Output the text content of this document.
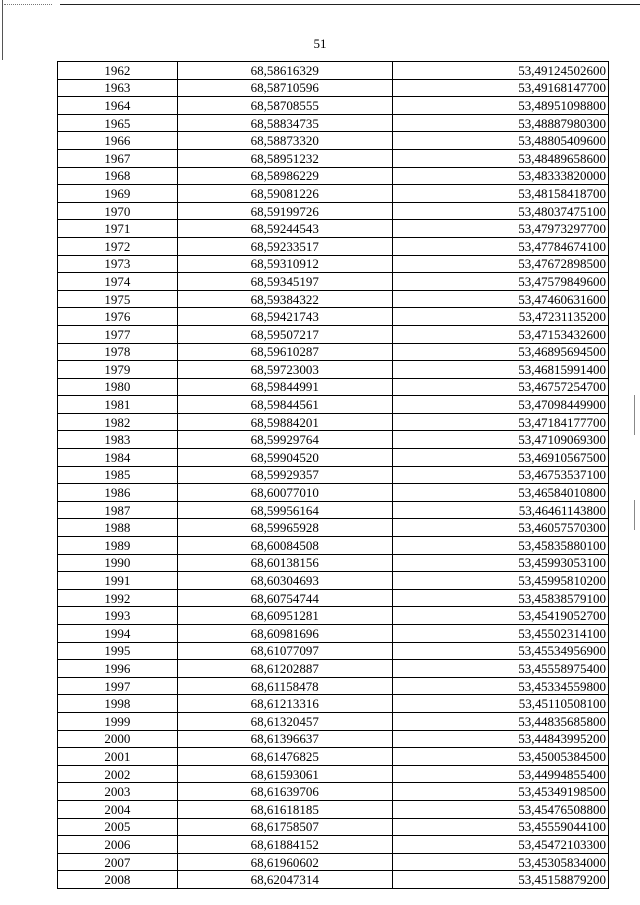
51
1962	68,58616329	53,49124502600
1963	68,58710596	53,49168147700
1964	68,58708555	53,48951098800
1965	68,58834735	53,48887980300
1966	68,58873320	53,48805409600
1967	68,58951232	53,48489658600
1968	68,58986229	53,48333820000
1969	68,59081226	53,48158418700
1970	68,59199726	53,48037475100
1971	68,59244543	53,47973297700
1972	68,59233517	53,47784674100
1973	68,59310912	53,47672898500
1974	68,59345197	53,47579849600
1975	68,59384322	53,47460631600
1976	68,59421743	53,47231135200
1977	68,59507217	53,47153432600
1978	68,59610287	53,46895694500
1979	68,59723003	53,46815991400
1980	68,59844991	53,46757254700
1981	68,59844561	53,47098449900
1982	68,59884201	53,47184177700
1983	68,59929764	53,47109069300
1984	68,59904520	53,46910567500
1985	68,59929357	53,46753537100
1986	68,60077010	53,46584010800
1987	68,59956164	53,46461143800
1988	68,59965928	53,46057570300
1989	68,60084508	53,45835880100
1990	68,60138156	53,45993053100
1991	68,60304693	53,45995810200
1992	68,60754744	53,45838579100
1993	68,60951281	53,45419052700
1994	68,60981696	53,45502314100
1995	68,61077097	53,45534956900
1996	68,61202887	53,45558975400
1997	68,61158478	53,45334559800
1998	68,61213316	53,45110508100
1999	68,61320457	53,44835685800
2000	68,61396637	53,44843995200
2001	68,61476825	53,45005384500
2002	68,61593061	53,44994855400
2003	68,61639706	53,45349198500
2004	68,61618185	53,45476508800
2005	68,61758507	53,45559044100
2006	68,61884152	53,45472103300
2007	68,61960602	53,45305834000
2008	68,62047314	53,45158879200
